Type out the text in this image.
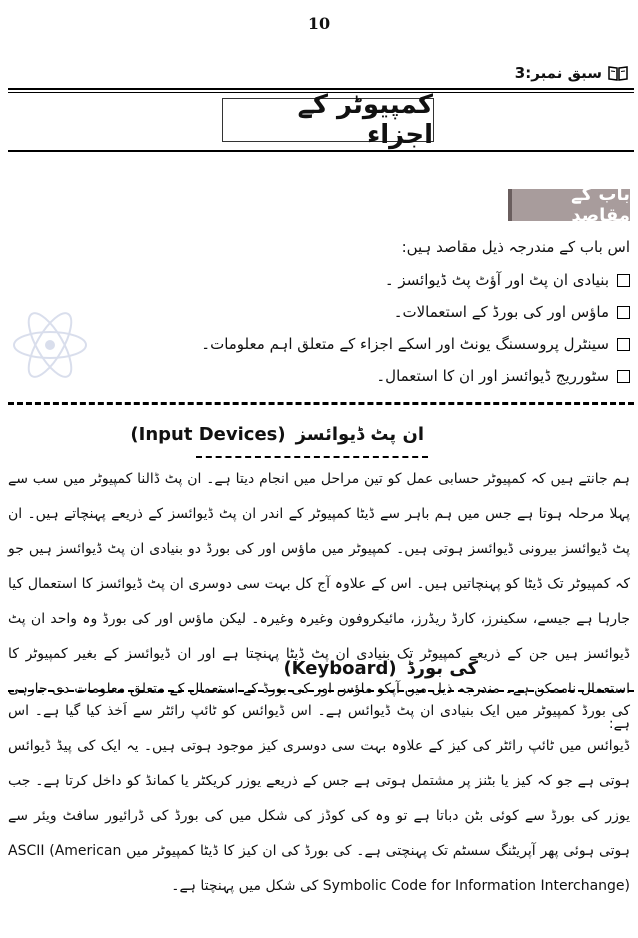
10
سبق نمبر:3
کمپیوٹر کے اجزاء
باب کے مقاصد
اس باب کے مندرجہ ذیل مقاصد ہیں:
بنیادی ان پٹ اور آؤٹ پٹ ڈیوائسز ۔
ماؤس اور کی بورڈ کے استعمالات۔
سینٹرل پروسسنگ یونٹ اور اسکے اجزاء کے متعلق اہم معلومات۔
سٹورریج ڈیوائسز اور ان کا استعمال۔
ان پٹ ڈیوائسز
(Input Devices)

ہم جانتے ہیں کہ کمپیوٹر حسابی عمل کو تین مراحل میں انجام دیتا ہے۔ ان پٹ ڈالنا کمپیوٹر میں سب سے پہلا مرحلہ ہوتا ہے جس میں ہم باہر سے ڈیٹا کمپیوٹر کے اندر ان پٹ ڈیوائسز کے ذریعے پہنچاتے ہیں۔ ان پٹ ڈیوائسز بیرونی ڈیوائسز ہوتی ہیں۔ کمپیوٹر میں ماؤس اور کی بورڈ دو بنیادی ان پٹ ڈیوائسز ہیں جو کہ کمپیوٹر تک ڈیٹا کو پہنچاتیں ہیں۔ اس کے علاوہ آج کل بہت سی دوسری ان پٹ ڈیوائسز کا استعمال کیا جارہا ہے جیسے، سکینرز، کارڈ ریڈرز، مائیکروفون وغیرہ وغیرہ۔ لیکن ماؤس اور کی بورڈ وہ واحد ان پٹ ڈیوائسز ہیں جن کے ذریعے کمپیوٹر تک بنیادی ان پٹ ڈیٹا پہنچتا ہے اور ان ڈیوائسز کے بغیر کمپیوٹر کا استعمال ناممکن ہے۔ مندرجہ ذیل میں آپکو ماؤس اور کی بورڈ کے استعمال کے متعلق معلومات دی جارہی ہے:

کی بورڈ
(Keyboard)

کی بورڈ کمپیوٹر میں ایک بنیادی ان پٹ ڈیوائس ہے۔ اس ڈیوائس کو ٹائپ رائٹر سے اَخذ کیا گیا ہے۔ اس ڈیوائس میں ٹائپ رائٹر کی کیز کے علاوہ بہت سی دوسری کیز موجود ہوتی ہیں۔ یہ ایک کی پیڈ ڈیوائس ہوتی ہے جو کہ کیز یا بٹنز پر مشتمل ہوتی ہے جس کے ذریعے یوزر کریکٹر یا کمانڈ کو داخل کرتا ہے۔ جب یوزر کی بورڈ سے کوئی بٹن دباتا ہے تو وہ کی کوڈز کی شکل میں کی بورڈ کی ڈرائیور سافٹ ویئر سے ہوتی ہوئی پھر آپریٹنگ سسٹم تک پہنچتی ہے۔ کی بورڈ کی ان کیز کا ڈیٹا کمپیوٹر میں ASCII (American Symbolic Code for Information Interchange) کی شکل میں پہنچتا ہے۔
